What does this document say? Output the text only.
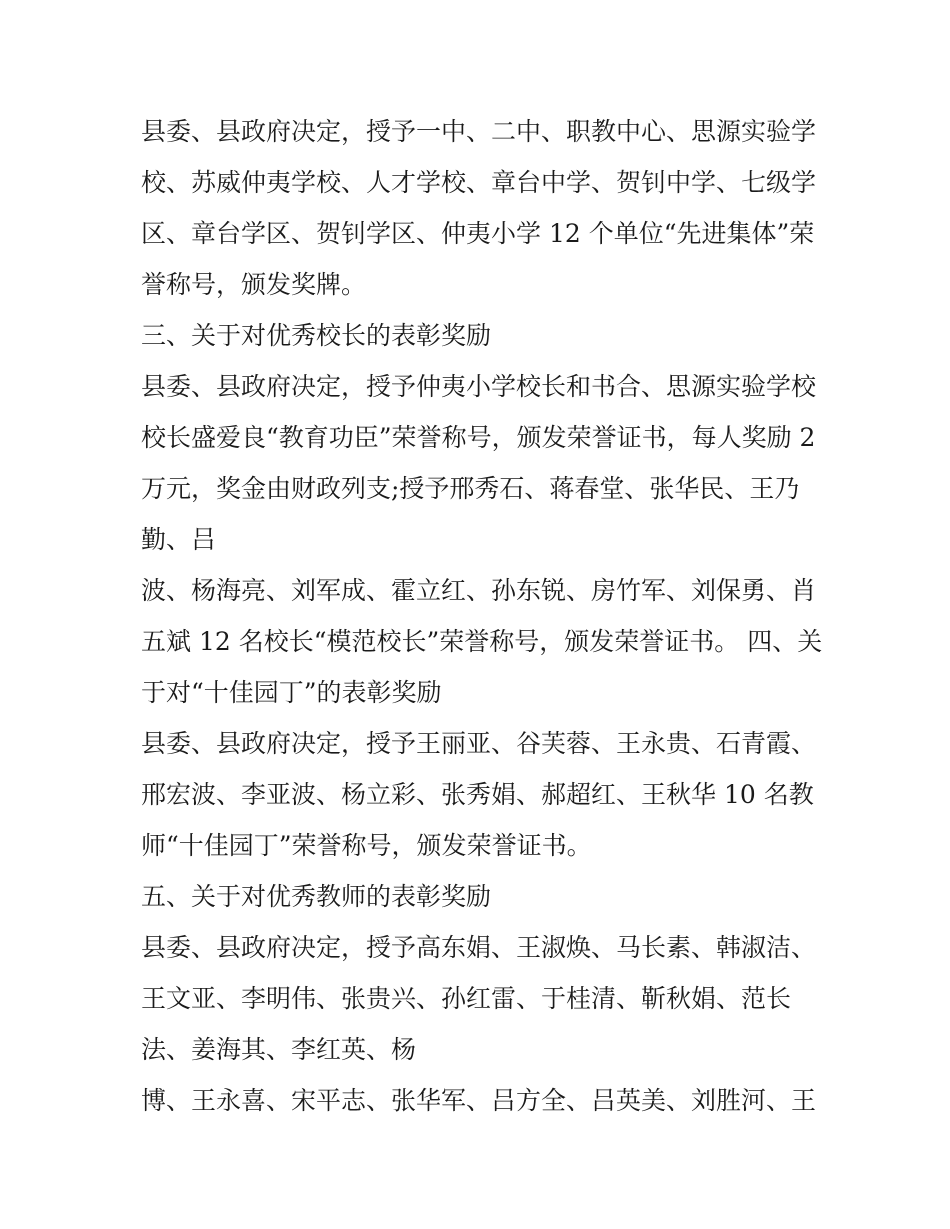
县委、县政府决定，授予一中、二中、职教中心、思源实验学
校、苏威仲夷学校、人才学校、章台中学、贺钊中学、七级学
区、章台学区、贺钊学区、仲夷小学 12 个单位“先进集体”荣
誉称号，颁发奖牌。
三、关于对优秀校长的表彰奖励
县委、县政府决定，授予仲夷小学校长和书合、思源实验学校
校长盛爱良“教育功臣”荣誉称号，颁发荣誉证书，每人奖励 2
万元，奖金由财政列支;授予邢秀石、蒋春堂、张华民、王乃
勤、吕
波、杨海亮、刘军成、霍立红、孙东锐、房竹军、刘保勇、肖
五斌 12 名校长“模范校长”荣誉称号，颁发荣誉证书。 四、关
于对“十佳园丁”的表彰奖励
县委、县政府决定，授予王丽亚、谷芙蓉、王永贵、石青霞、
邢宏波、李亚波、杨立彩、张秀娟、郝超红、王秋华 10 名教
师“十佳园丁”荣誉称号，颁发荣誉证书。
五、关于对优秀教师的表彰奖励
县委、县政府决定，授予高东娟、王淑焕、马长素、韩淑洁、
王文亚、李明伟、张贵兴、孙红雷、于桂清、靳秋娟、范长
法、姜海其、李红英、杨
博、王永喜、宋平志、张华军、吕方全、吕英美、刘胜河、王
